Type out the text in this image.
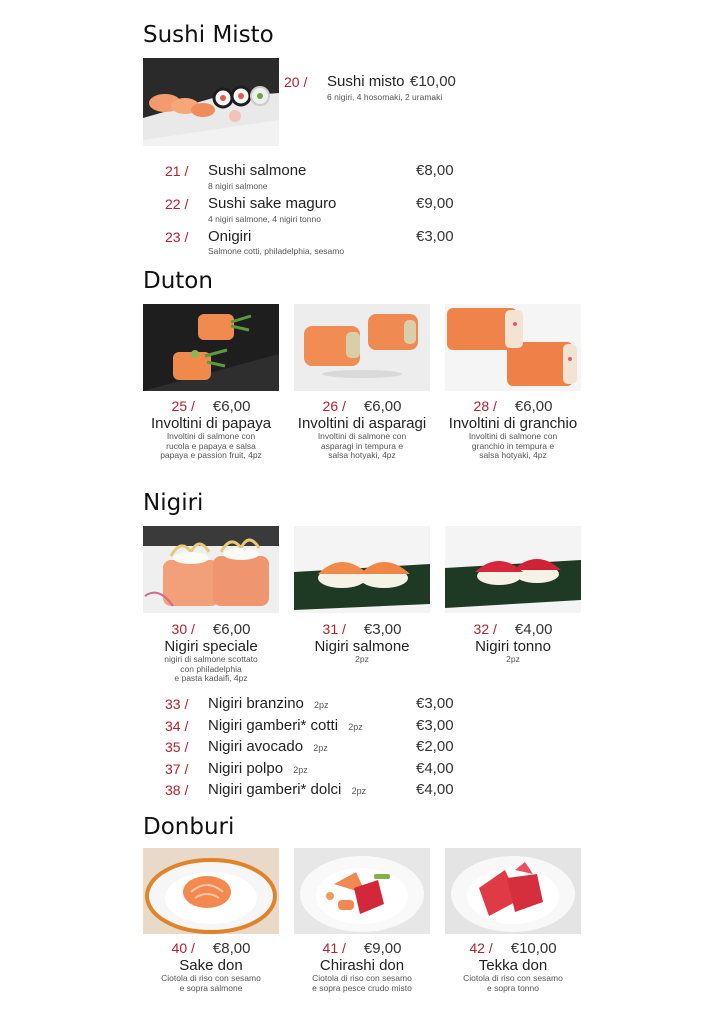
Sushi Misto
20 / Sushi misto €10,00
6 nigiri, 4 hosomaki, 2 uramaki
21 / Sushi salmone	€8,00
8 nigiri salmone
22 / Sushi sake maguro	€9,00
4 nigiri salmone, 4 nigiri tonno
23 / Onigiri	€3,00
Salmone cotti, philadelphia, sesamo
Duton
25 / €6,00
Involtini di papaya
Involtini di salmone con
rucola e papaya e salsa
papaya e passion fruit, 4pz
26 / €6,00
Involtini di asparagi
Involtini di salmone con
asparagi in tempura e
salsa hotyaki, 4pz
28 / €6,00
Involtini di granchio
Involtini di salmone con
granchio in tempura e
salsa hotyaki, 4pz
Nigiri
30 / €6,00
Nigiri speciale
nigiri di salmone scottato
con philadelphia
e pasta kadaifi, 4pz
31 / €3,00
Nigiri salmone
2pz
32 / €4,00
Nigiri tonno
2pz
33 / Nigiri branzino 2pz	€3,00
34 / Nigiri gamberi* cotti 2pz	€3,00
35 / Nigiri avocado 2pz	€2,00
37 / Nigiri polpo 2pz	€4,00
38 / Nigiri gamberi* dolci 2pz	€4,00
Donburi
40 / €8,00
Sake don
Ciotola di riso con sesamo
e sopra salmone
41 / €9,00
Chirashi don
Ciotola di riso con sesamo
e sopra pesce crudo misto
42 / €10,00
Tekka don
Ciotola di riso con sesamo
e sopra tonno
